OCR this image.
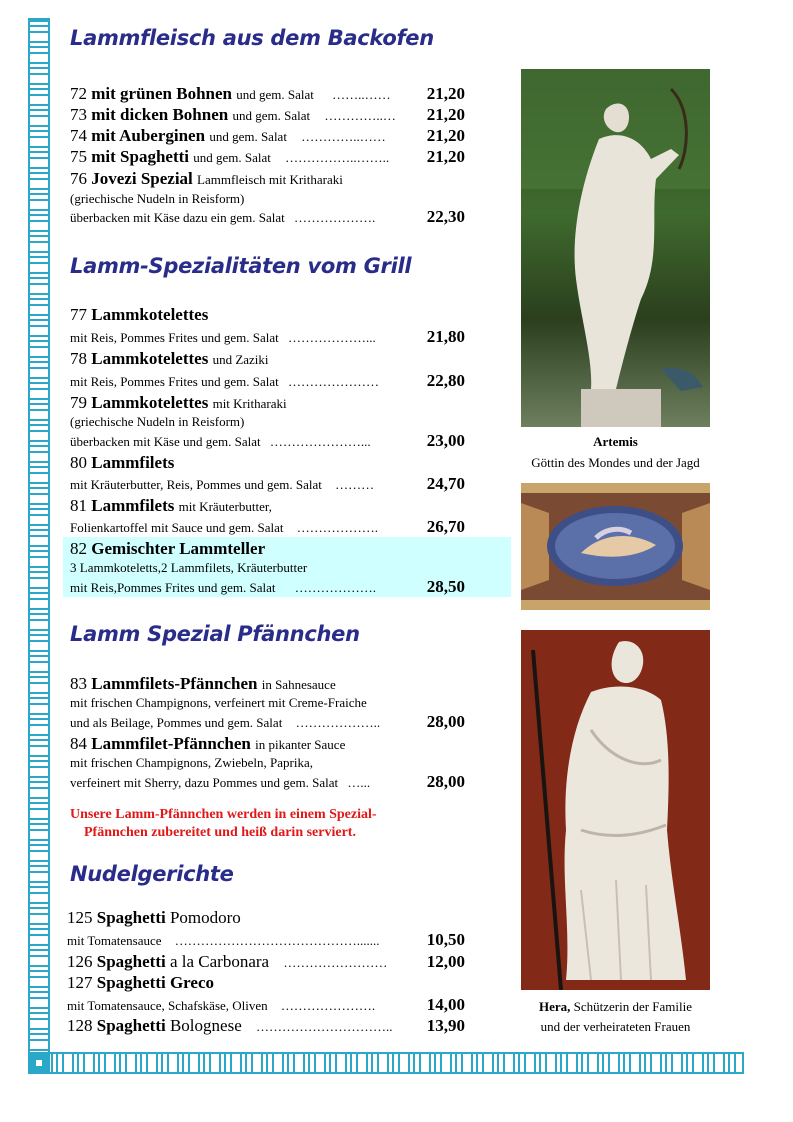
Lammfleisch aus dem Backofen
72 mit grünen Bohnen und gem. Salat ……..…… 21,20
73 mit dicken Bohnen und gem. Salat …………..… 21,20
74 mit Auberginen und gem. Salat …………..…… 21,20
75 mit Spaghetti und gem. Salat ……………..…….. 21,20
76 Jovezi Spezial Lammfleisch mit Kritharaki
(griechische Nudeln in Reisform)
überbacken mit Käse dazu ein gem. Salat ……………….	22,30
Lamm-Spezialitäten vom Grill
77 Lammkotelettes
mit Reis, Pommes Frites und gem. Salat ………………...	21,80
78 Lammkotelettes und Zaziki
mit Reis, Pommes Frites und gem. Salat …………………	22,80
79 Lammkotelettes mit Kritharaki
(griechische Nudeln in Reisform)
überbacken mit Käse und gem. Salat …………………...	23,00
80 Lammfilets
mit Kräuterbutter, Reis, Pommes und gem. Salat ………	24,70
81 Lammfilets mit Kräuterbutter,
Folienkartoffel mit Sauce und gem. Salat ……………….	26,70
82 Gemischter Lammteller
3 Lammkoteletts,2 Lammfilets, Kräuterbutter
mit Reis,Pommes Frites und gem. Salat ……………….	28,50
Lamm Spezial Pfännchen
83 Lammfilets-Pfännchen in Sahnesauce
mit frischen Champignons, verfeinert mit Creme-Fraiche
und als Beilage, Pommes und gem. Salat ………………..	28,00
84 Lammfilet-Pfännchen in pikanter Sauce
mit frischen Champignons, Zwiebeln, Paprika,
verfeinert mit Sherry, dazu Pommes und gem. Salat …...	28,00
Unsere Lamm-Pfännchen werden in einem Spezial-
Pfännchen zubereitet und heiß darin serviert.
Nudelgerichte
125 Spaghetti Pomodoro
mit Tomatensauce …………………………………….......	10,50
126 Spaghetti a la Carbonara …………………… 12,00
127 Spaghetti Greco
mit Tomatensauce, Schafskäse, Oliven ………………….	14,00
128 Spaghetti Bolognese ………………………….. 13,90
Artemis
Göttin des Mondes und der Jagd
Hera, Schützerin der Familie
und der verheirateten Frauen
